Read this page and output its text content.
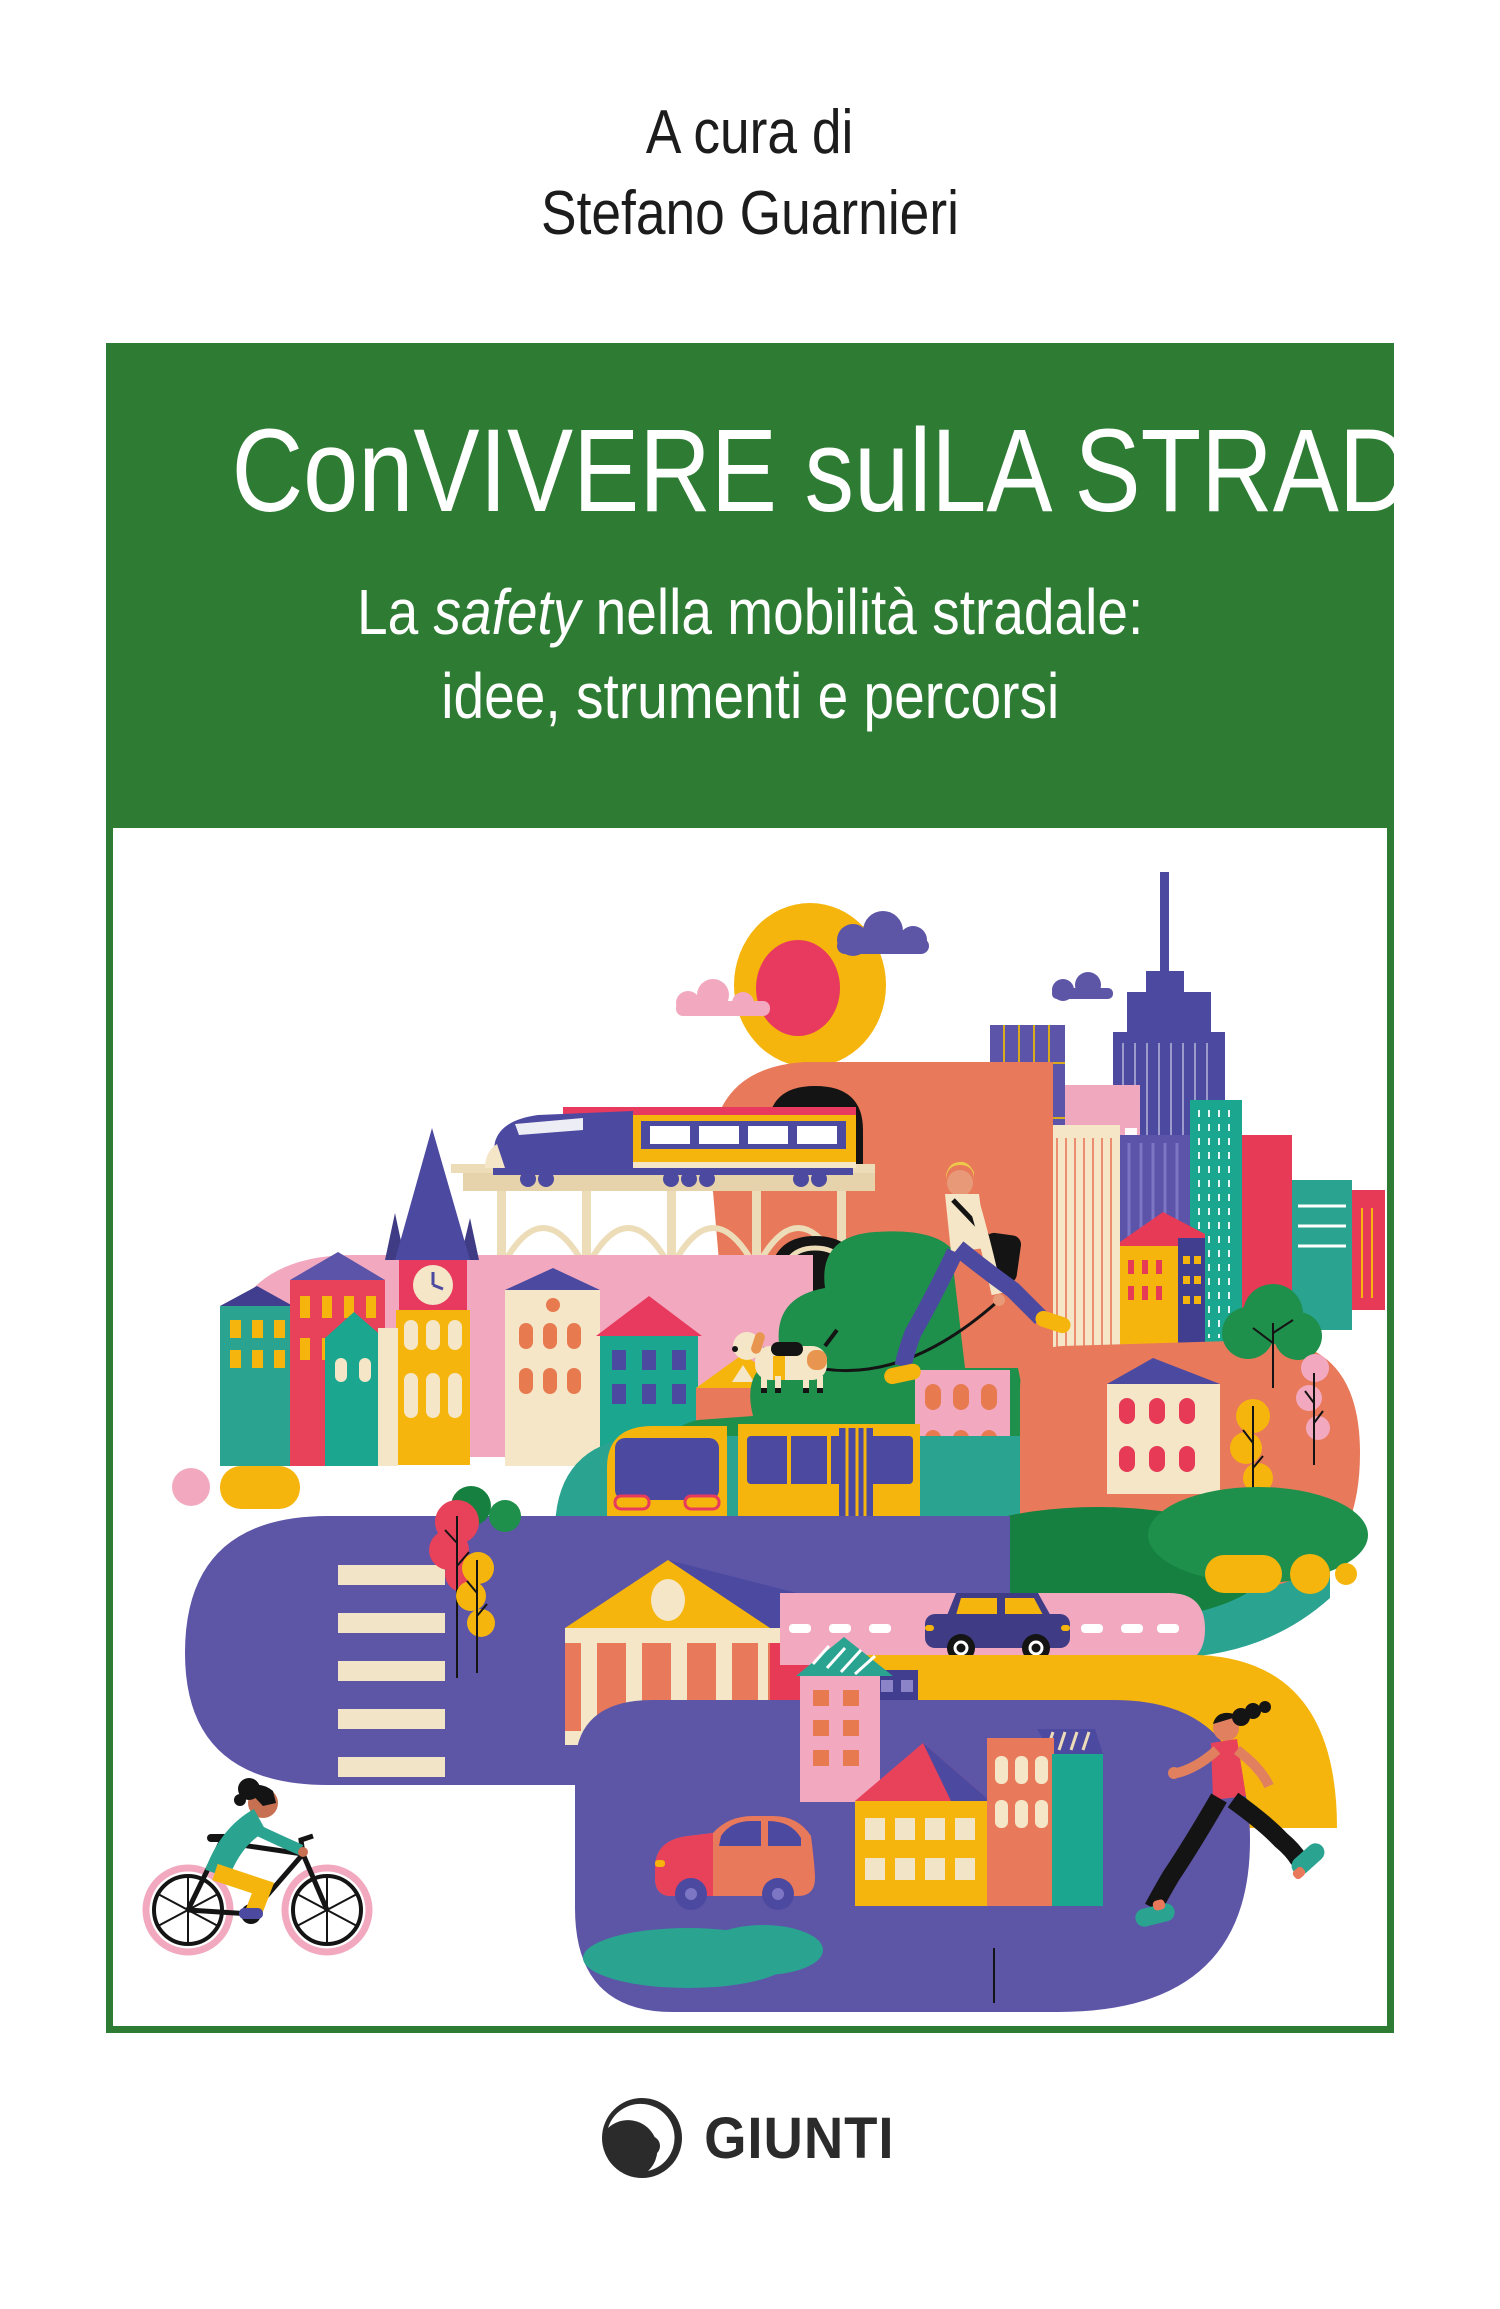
A cura di
Stefano Guarnieri
ConVIVERE sulLA STRADA
La safety nella mobilità stradale:
idee, strumenti e percorsi
GIUNTI
